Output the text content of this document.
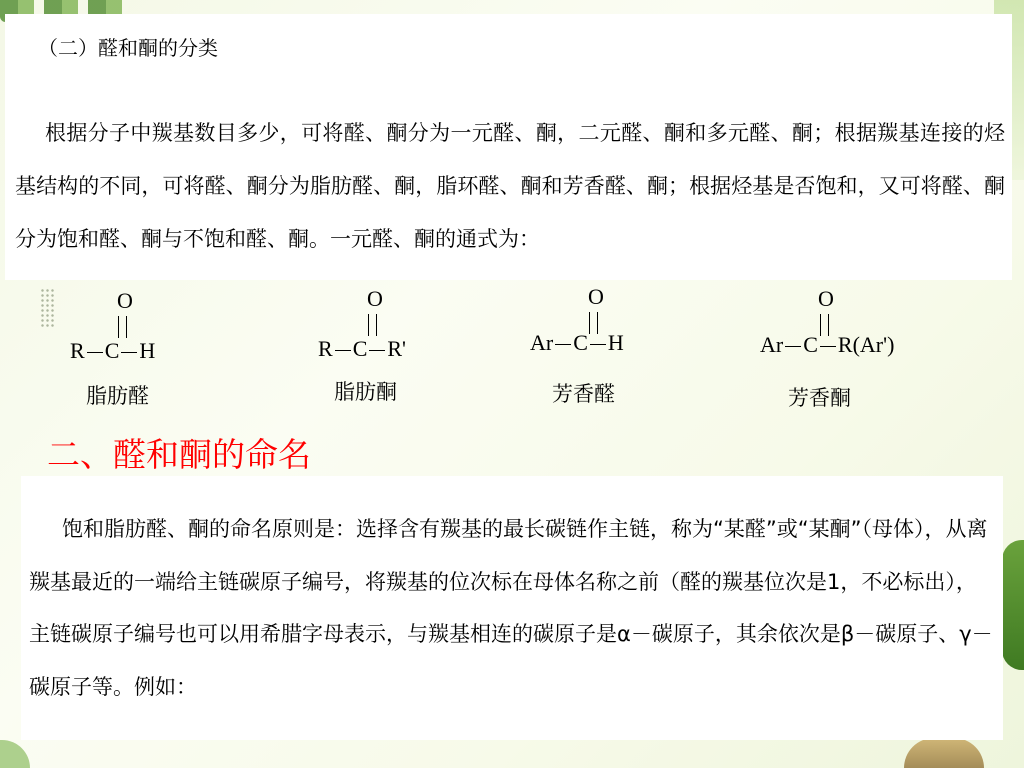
（二）醛和酮的分类

根据分子中羰基数目多少，可将醛、酮分为一元醛、酮，二元醛、酮和多元醛、酮；根据羰基连接的烃基结构的不同，可将醛、酮分为脂肪醛、酮，脂环醛、酮和芳香醛、酮；根据烃基是否饱和，又可将醛、酮分为饱和醛、酮与不饱和醛、酮。一元醛、酮的通式为：

O
R C H
脂肪醛
O
R C R'
脂肪酮
O
Ar C H
芳香醛
O
Ar C R(Ar')
芳香酮
二、醛和酮的命名

饱和脂肪醛、酮的命名原则是：选择含有羰基的最长碳链作主链，称为“某醛”或“某酮”（母体），从离羰基最近的一端给主链碳原子编号，将羰基的位次标在母体名称之前（醛的羰基位次是1，不必标出），主链碳原子编号也可以用希腊字母表示，与羰基相连的碳原子是α－碳原子，其余依次是β－碳原子、γ－碳原子等。例如：
